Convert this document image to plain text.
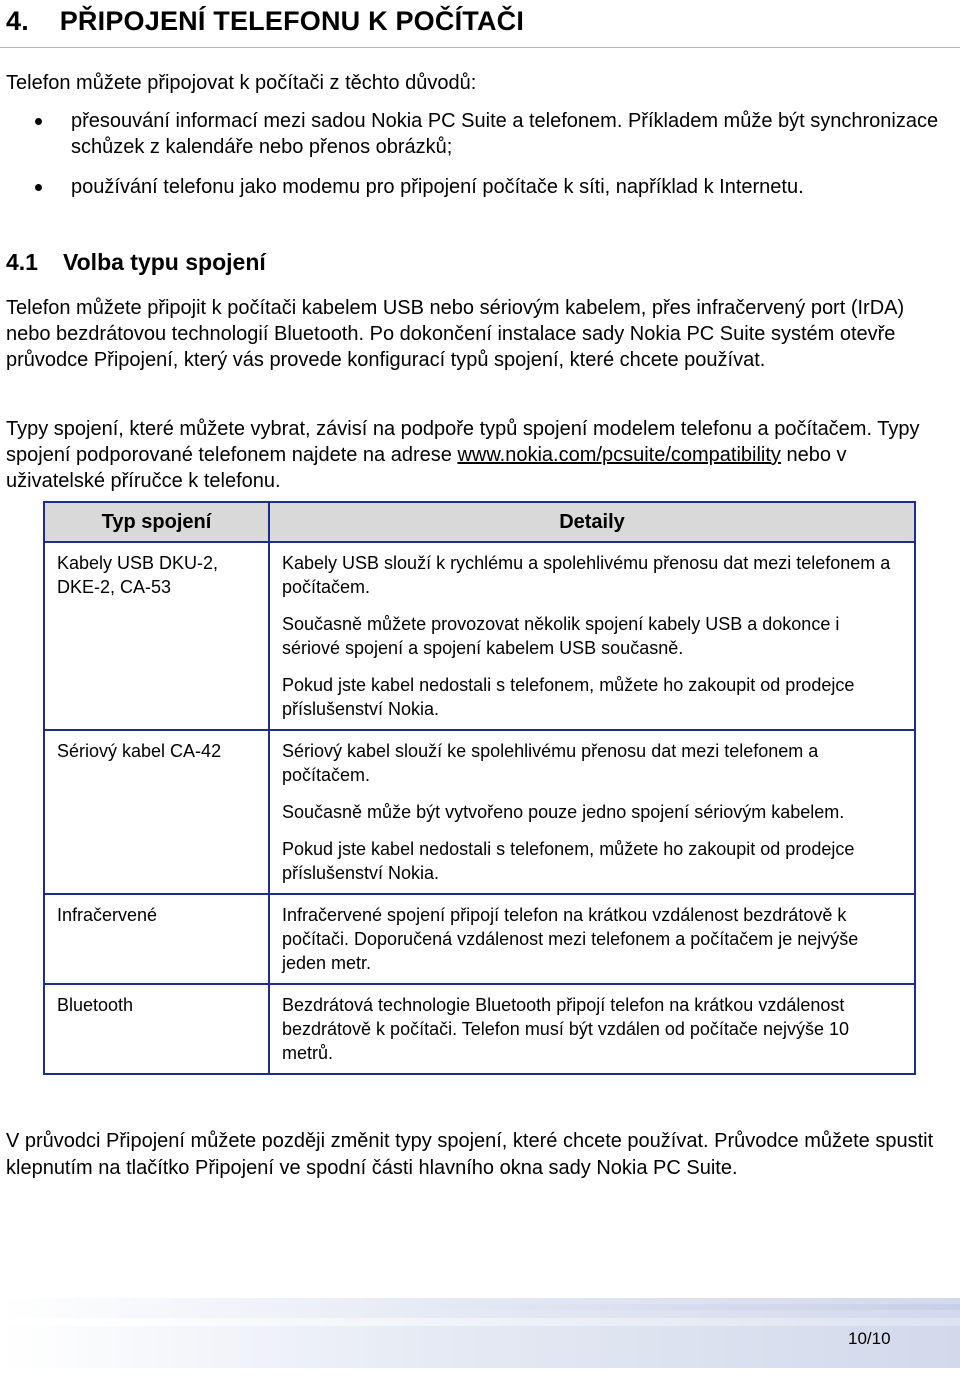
4.    PŘIPOJENÍ TELEFONU K POČÍTAČI
Telefon můžete připojovat k počítači z těchto důvodů:
přesouvání informací mezi sadou Nokia PC Suite a telefonem. Příkladem může být synchronizace schůzek z kalendáře nebo přenos obrázků;
používání telefonu jako modemu pro připojení počítače k síti, například k Internetu.
4.1 Volba typu spojení
Telefon můžete připojit k počítači kabelem USB nebo sériovým kabelem, přes infračervený port (IrDA) nebo bezdrátovou technologií Bluetooth. Po dokončení instalace sady Nokia PC Suite systém otevře průvodce Připojení, který vás provede konfigurací typů spojení, které chcete používat.
Typy spojení, které můžete vybrat, závisí na podpoře typů spojení modelem telefonu a počítačem. Typy spojení podporované telefonem najdete na adrese www.nokia.com/pcsuite/compatibility nebo v uživatelské příručce k telefonu.
Typ spojení	Detaily
Kabely USB DKU-2, DKE-2, CA-53	Kabely USB slouží k rychlému a spolehlivému přenosu dat mezi telefonem a počítačem.

Současně můžete provozovat několik spojení kabely USB a dokonce i sériové spojení a spojení kabelem USB současně.

Pokud jste kabel nedostali s telefonem, můžete ho zakoupit od prodejce příslušenství Nokia.

Sériový kabel CA-42	Sériový kabel slouží ke spolehlivému přenosu dat mezi telefonem a počítačem.

Současně může být vytvořeno pouze jedno spojení sériovým kabelem.

Pokud jste kabel nedostali s telefonem, můžete ho zakoupit od prodejce příslušenství Nokia.

Infračervené	Infračervené spojení připojí telefon na krátkou vzdálenost bezdrátově k počítači. Doporučená vzdálenost mezi telefonem a počítačem je nejvýše jeden metr.

Bluetooth	Bezdrátová technologie Bluetooth připojí telefon na krátkou vzdálenost bezdrátově k počítači. Telefon musí být vzdálen od počítače nejvýše 10 metrů.

V průvodci Připojení můžete později změnit typy spojení, které chcete používat. Průvodce můžete spustit klepnutím na tlačítko Připojení ve spodní části hlavního okna sady Nokia PC Suite.
10/10
